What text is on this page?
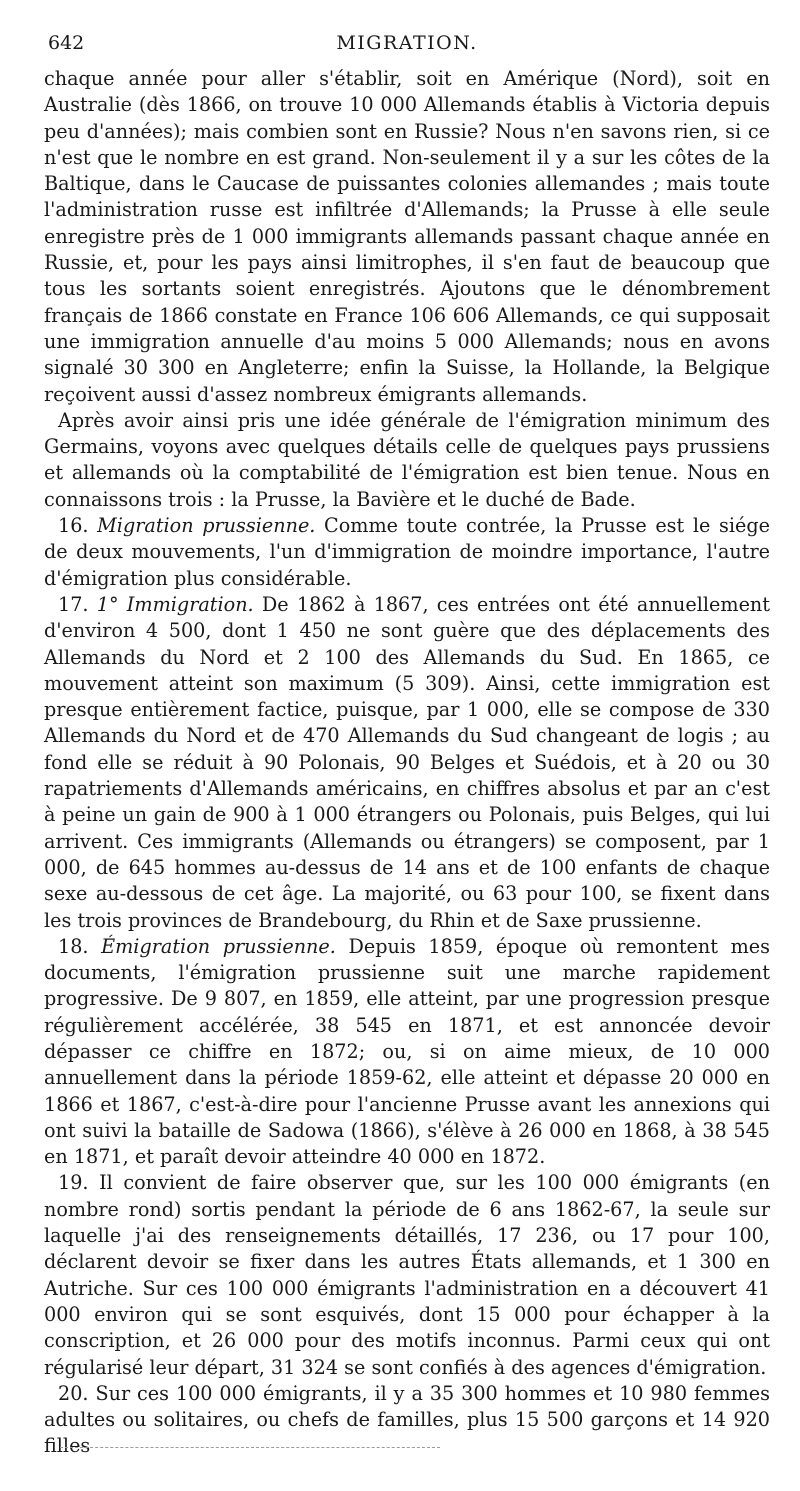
642	MIGRATION.

chaque année pour aller s'établir, soit en Amérique (Nord), soit en Australie (dès 1866, on trouve 10 000 Allemands établis à Victoria depuis peu d'années); mais combien sont en Russie? Nous n'en savons rien, si ce n'est que le nombre en est grand. Non-seulement il y a sur les côtes de la Baltique, dans le Caucase de puissantes colonies allemandes ; mais toute l'administration russe est infiltrée d'Allemands; la Prusse à elle seule enregistre près de 1 000 immigrants allemands passant chaque année en Russie, et, pour les pays ainsi limitrophes, il s'en faut de beaucoup que tous les sortants soient enregistrés. Ajoutons que le dénombrement français de 1866 constate en France 106 606 Allemands, ce qui supposait une immigration annuelle d'au moins 5 000 Allemands; nous en avons signalé 30 300 en Angleterre; enfin la Suisse, la Hollande, la Belgique reçoivent aussi d'assez nombreux émigrants allemands.

Après avoir ainsi pris une idée générale de l'émigration minimum des Germains, voyons avec quelques détails celle de quelques pays prussiens et allemands où la comptabilité de l'émigration est bien tenue. Nous en connaissons trois : la Prusse, la Bavière et le duché de Bade.

16. Migration prussienne. Comme toute contrée, la Prusse est le siége de deux mouvements, l'un d'immigration de moindre importance, l'autre d'émigration plus considérable.

17. 1° Immigration. De 1862 à 1867, ces entrées ont été annuellement d'environ 4 500, dont 1 450 ne sont guère que des déplacements des Allemands du Nord et 2 100 des Allemands du Sud. En 1865, ce mouvement atteint son maximum (5 309). Ainsi, cette immigration est presque entièrement factice, puisque, par 1 000, elle se compose de 330 Allemands du Nord et de 470 Allemands du Sud changeant de logis ; au fond elle se réduit à 90 Polonais, 90 Belges et Suédois, et à 20 ou 30 rapatriements d'Allemands américains, en chiffres absolus et par an c'est à peine un gain de 900 à 1 000 étrangers ou Polonais, puis Belges, qui lui arrivent. Ces immigrants (Allemands ou étrangers) se composent, par 1 000, de 645 hommes au-dessus de 14 ans et de 100 enfants de chaque sexe au-dessous de cet âge. La majorité, ou 63 pour 100, se fixent dans les trois provinces de Brandebourg, du Rhin et de Saxe prussienne.

18. Émigration prussienne. Depuis 1859, époque où remontent mes documents, l'émigration prussienne suit une marche rapidement progressive. De 9 807, en 1859, elle atteint, par une progression presque régulièrement accélérée, 38 545 en 1871, et est annoncée devoir dépasser ce chiffre en 1872; ou, si on aime mieux, de 10 000 annuellement dans la période 1859-62, elle atteint et dépasse 20 000 en 1866 et 1867, c'est-à-dire pour l'ancienne Prusse avant les annexions qui ont suivi la bataille de Sadowa (1866), s'élève à 26 000 en 1868, à 38 545 en 1871, et paraît devoir atteindre 40 000 en 1872.

19. Il convient de faire observer que, sur les 100 000 émigrants (en nombre rond) sortis pendant la période de 6 ans 1862-67, la seule sur laquelle j'ai des renseignements détaillés, 17 236, ou 17 pour 100, déclarent devoir se fixer dans les autres États allemands, et 1 300 en Autriche. Sur ces 100 000 émigrants l'administration en a découvert 41 000 environ qui se sont esquivés, dont 15 000 pour échapper à la conscription, et 26 000 pour des motifs inconnus. Parmi ceux qui ont régularisé leur départ, 31 324 se sont confiés à des agences d'émigration.

20. Sur ces 100 000 émigrants, il y a 35 300 hommes et 10 980 femmes adultes ou solitaires, ou chefs de familles, plus 15 500 garçons et 14 920 filles
